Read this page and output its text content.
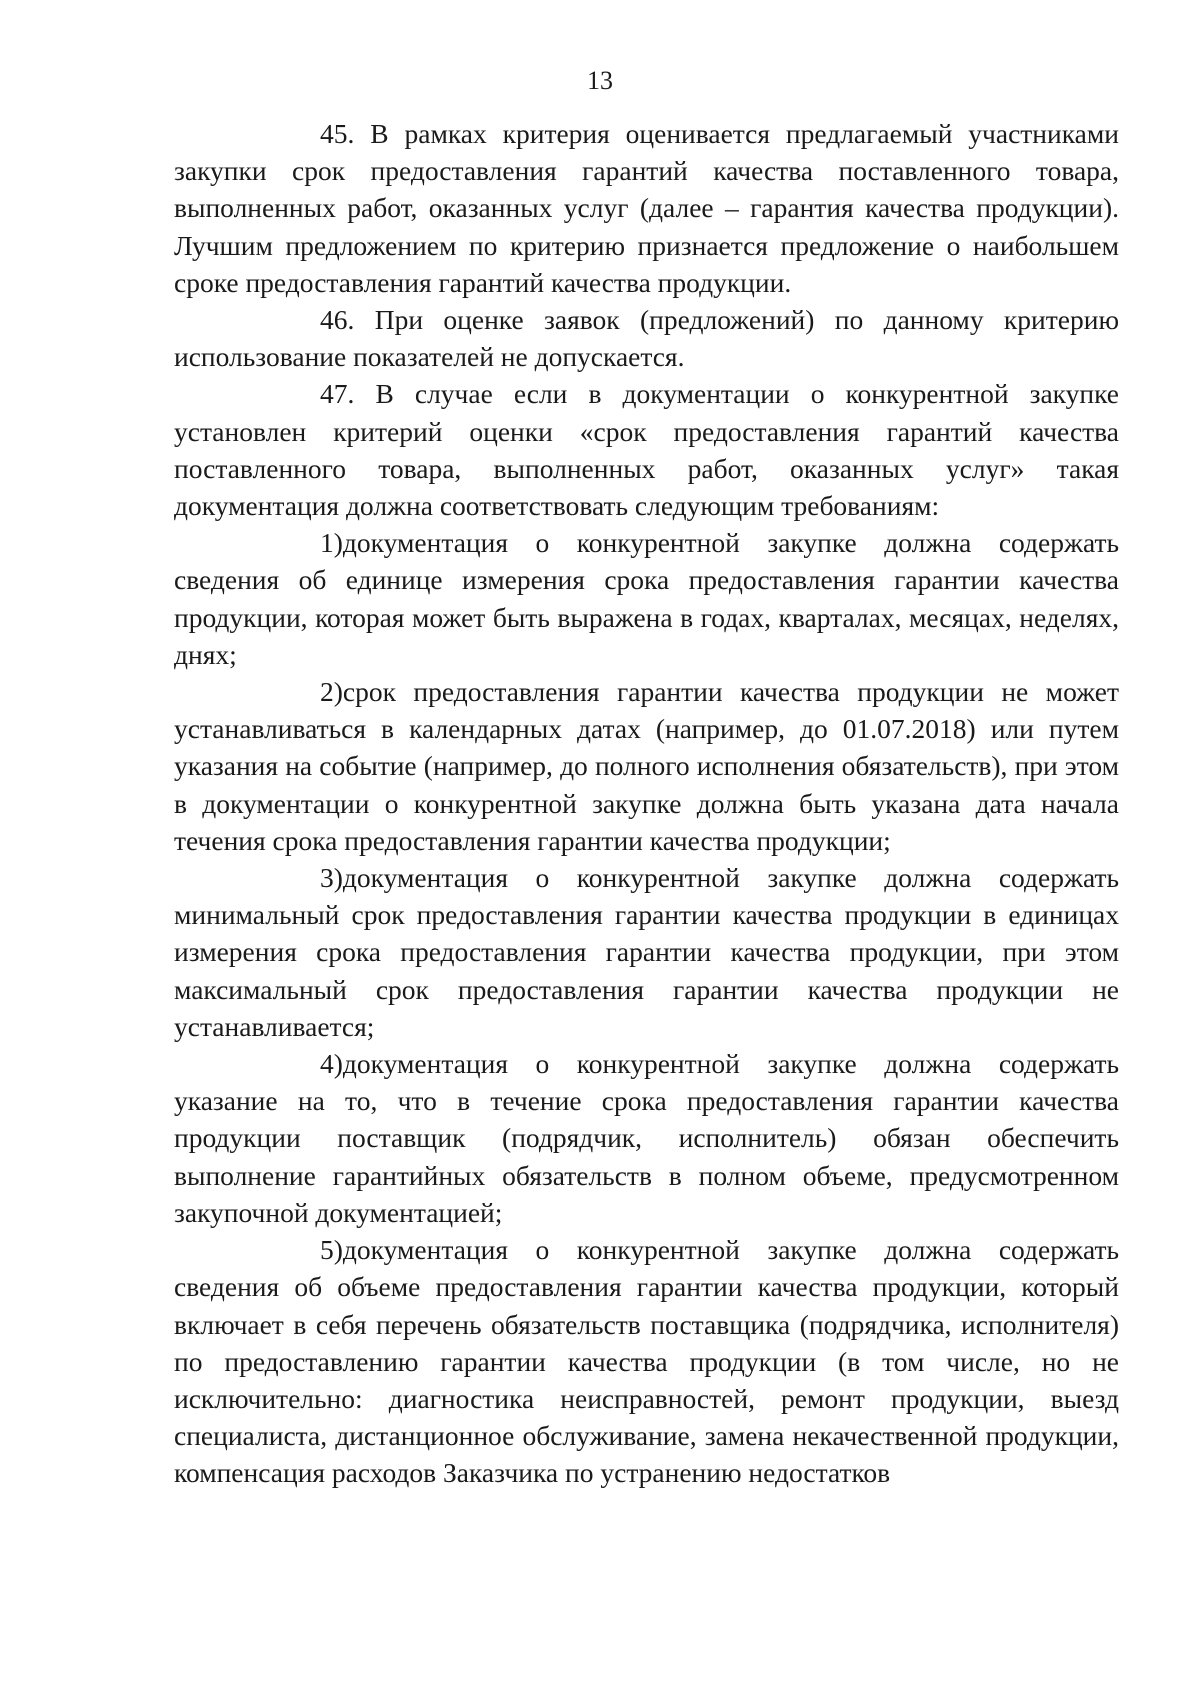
13

45. В рамках критерия оценивается предлагаемый участниками закупки срок предоставления гарантий качества поставленного товара, выполненных работ, оказанных услуг (далее – гарантия качества продукции). Лучшим предложением по критерию признается предложение о наибольшем сроке предоставления гарантий качества продукции.

46. При оценке заявок (предложений) по данному критерию использование показателей не допускается.

47. В случае если в документации о конкурентной закупке установлен критерий оценки «срок предоставления гарантий качества поставленного товара, выполненных работ, оказанных услуг» такая документация должна соответствовать следующим требованиям:

1)документация о конкурентной закупке должна содержать сведения об единице измерения срока предоставления гарантии качества продукции, которая может быть выражена в годах, кварталах, месяцах, неделях, днях;

2)срок предоставления гарантии качества продукции не может устанавливаться в календарных датах (например, до 01.07.2018) или путем указания на событие (например, до полного исполнения обязательств), при этом в документации о конкурентной закупке должна быть указана дата начала течения срока предоставления гарантии качества продукции;

3)документация о конкурентной закупке должна содержать минимальный срок предоставления гарантии качества продукции в единицах измерения срока предоставления гарантии качества продукции, при этом максимальный срок предоставления гарантии качества продукции не устанавливается;

4)документация о конкурентной закупке должна содержать указание на то, что в течение срока предоставления гарантии качества продукции поставщик (подрядчик, исполнитель) обязан обеспечить выполнение гарантийных обязательств в полном объеме, предусмотренном закупочной документацией;

5)документация о конкурентной закупке должна содержать сведения об объеме предоставления гарантии качества продукции, который включает в себя перечень обязательств поставщика (подрядчика, исполнителя) по предоставлению гарантии качества продукции (в том числе, но не исключительно: диагностика неисправностей, ремонт продукции, выезд специалиста, дистанционное обслуживание, замена некачественной продукции, компенсация расходов Заказчика по устранению недостатков
